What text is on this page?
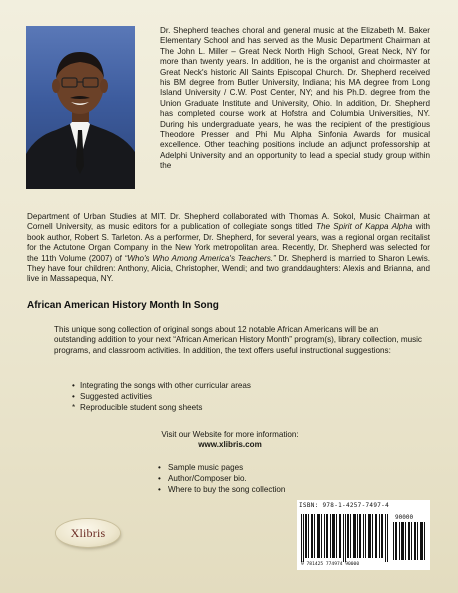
Dr. Shepherd teaches choral and general music at the Elizabeth M. Baker Elementary School and has served as the Music Department Chairman at The John L. Miller – Great Neck North High School, Great Neck, NY for more than twenty years. In addition, he is the organist and choirmaster at Great Neck's historic All Saints Episcopal Church. Dr. Shepherd received his BM degree from Butler University, Indiana; his MA degree from Long Island University / C.W. Post Center, NY; and his Ph.D. degree from the Union Graduate Institute and University, Ohio. In addition, Dr. Shepherd has completed course work at Hofstra and Columbia Universities, NY. During his undergraduate years, he was the recipient of the prestigious Theodore Presser and Phi Mu Alpha Sinfonia Awards for musical excellence. Other teaching positions include an adjunct professorship at Adelphi University and an opportunity to lead a special study group within the
Department of Urban Studies at MIT. Dr. Shepherd collaborated with Thomas A. Sokol, Music Chairman at Cornell University, as music editors for a publication of collegiate songs titled The Spirit of Kappa Alpha with book author, Robert S. Tarleton. As a performer, Dr. Shepherd, for several years, was a regional organ recitalist for the Actutone Organ Company in the New York metropolitan area. Recently, Dr. Shepherd was selected for the 11th Volume (2007) of “Who's Who Among America's Teachers.” Dr. Shepherd is married to Sharon Lewis. They have four children: Anthony, Alicia, Christopher, Wendi; and two granddaughters: Alexis and Brianna, and live in Massapequa, NY.
African American History Month In Song
This unique song collection of original songs about 12 notable African Americans will be an outstanding addition to your next “African American History Month” program(s), library collection, music programs, and classroom activities. In addition, the text offers useful instructional suggestions:
• Integrating the songs with other curricular areas
• Suggested activities
* Reproducible student song sheets
Visit our Website for more information:
www.xlibris.com
• Sample music pages
• Author/Composer bio.
• Where to buy the song collection
Xlibris
ISBN: 978-1-4257-7497-4
90000
9 781425 774974 90000
